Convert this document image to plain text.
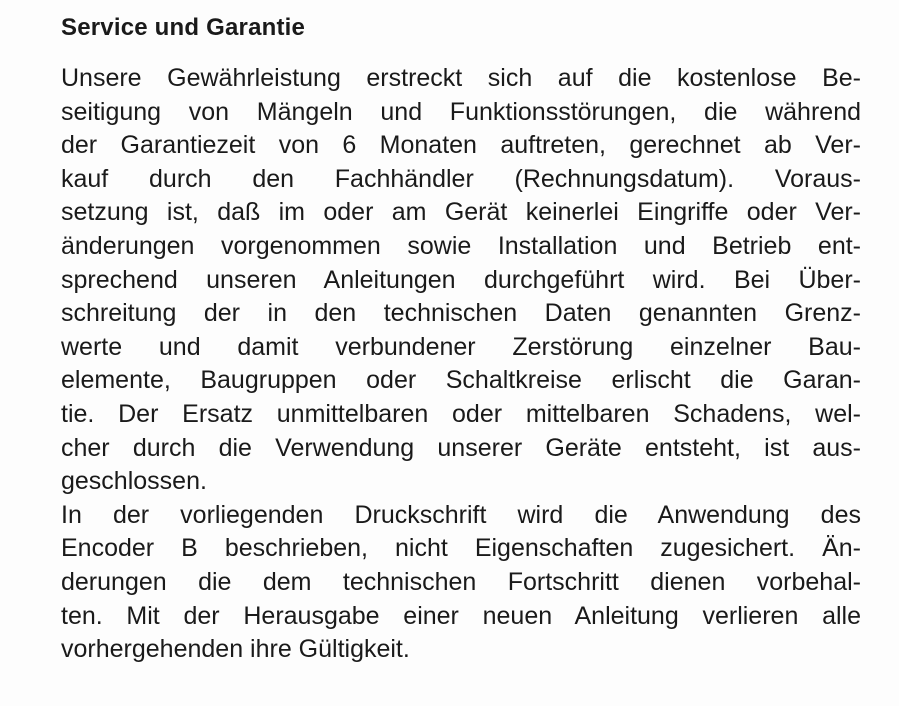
Service und Garantie
Unsere Gewährleistung erstreckt sich auf die kostenlose Be-
seitigung von Mängeln und Funktionsstörungen, die während
der Garantiezeit von 6 Monaten auftreten, gerechnet ab Ver-
kauf durch den Fachhändler (Rechnungsdatum). Voraus-
setzung ist, daß im oder am Gerät keinerlei Eingriffe oder Ver-
änderungen vorgenommen sowie Installation und Betrieb ent-
sprechend unseren Anleitungen durchgeführt wird. Bei Über-
schreitung der in den technischen Daten genannten Grenz-
werte und damit verbundener Zerstörung einzelner Bau-
elemente, Baugruppen oder Schaltkreise erlischt die Garan-
tie. Der Ersatz unmittelbaren oder mittelbaren Schadens, wel-
cher durch die Verwendung unserer Geräte entsteht, ist aus-
geschlossen.
In der vorliegenden Druckschrift wird die Anwendung des
Encoder B beschrieben, nicht Eigenschaften zugesichert. Än-
derungen die dem technischen Fortschritt dienen vorbehal-
ten. Mit der Herausgabe einer neuen Anleitung verlieren alle
vorhergehenden ihre Gültigkeit.
